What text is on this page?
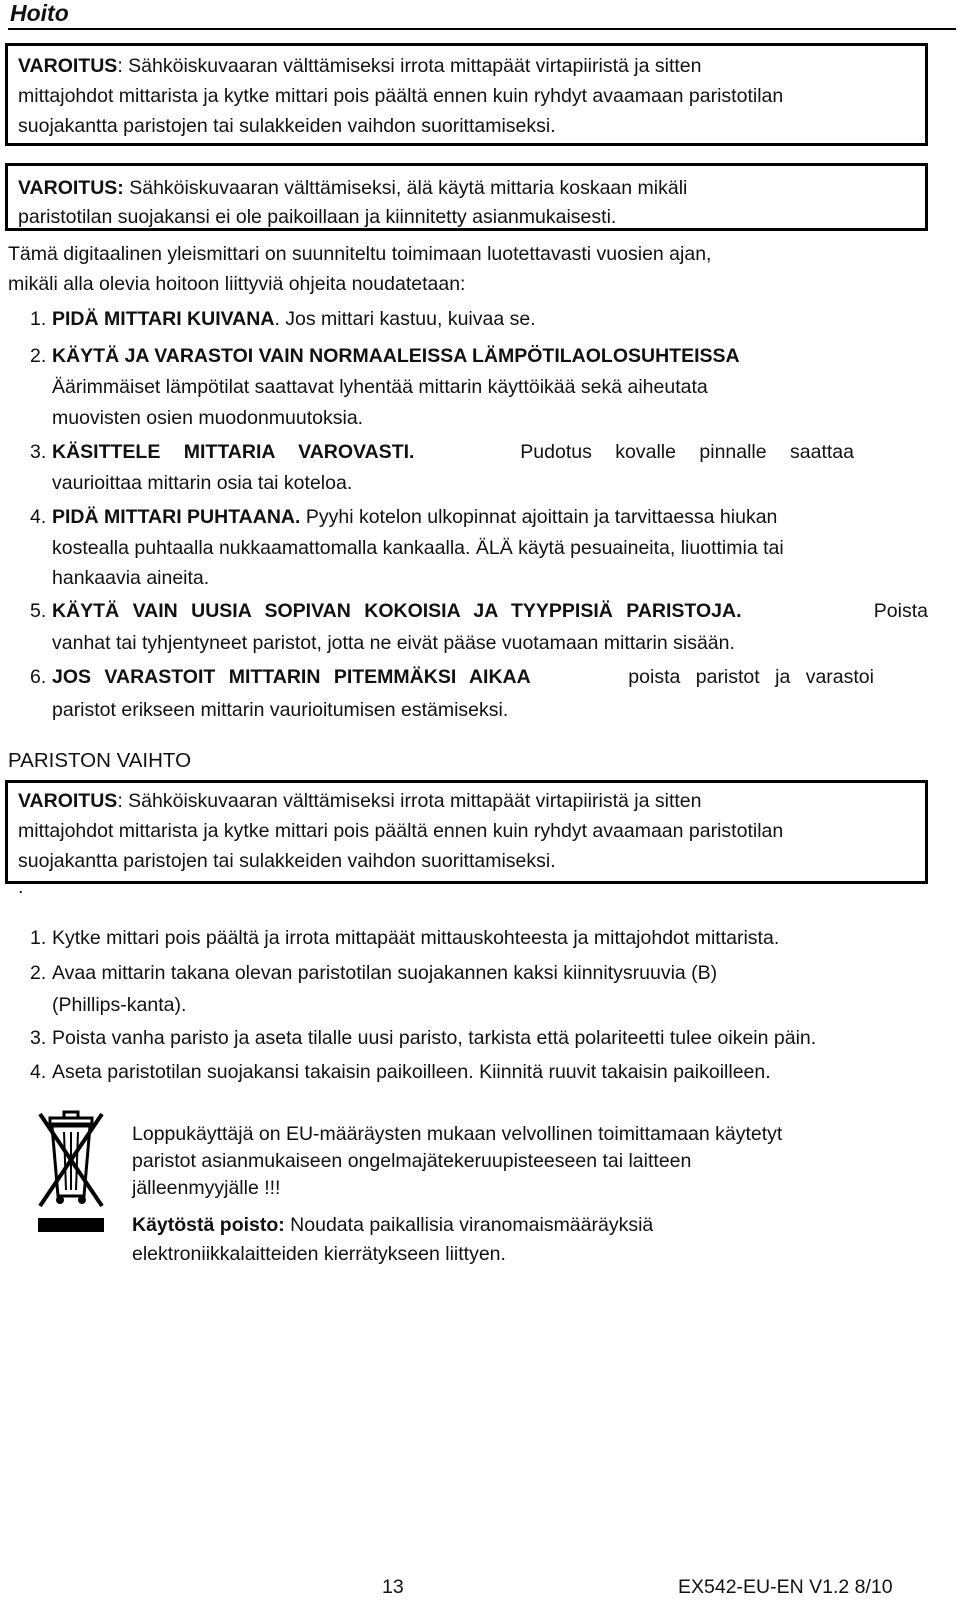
Hoito
VAROITUS: Sähköiskuvaaran välttämiseksi irrota mittapäät virtapiiristä ja sitten
mittajohdot mittarista ja kytke mittari pois päältä ennen kuin ryhdyt avaamaan paristotilan
suojakantta paristojen tai sulakkeiden vaihdon suorittamiseksi.
VAROITUS: Sähköiskuvaaran välttämiseksi, älä käytä mittaria koskaan mikäli
paristotilan suojakansi ei ole paikoillaan ja kiinnitetty asianmukaisesti.
Tämä digitaalinen yleismittari on suunniteltu toimimaan luotettavasti vuosien ajan,
mikäli alla olevia hoitoon liittyviä ohjeita noudatetaan:
1. PIDÄ MITTARI KUIVANA. Jos mittari kastuu, kuivaa se.
2. KÄYTÄ JA VARASTOI VAIN NORMAALEISSA LÄMPÖTILAOLOSUHTEISSA
Äärimmäiset lämpötilat saattavat lyhentää mittarin käyttöikää sekä aiheutata
muovisten osien muodonmuutoksia.
3. KÄSITTELE MITTARIA VAROVASTI.	Pudotus kovalle pinnalle saattaa
vaurioittaa mittarin osia tai koteloa.
4. PIDÄ MITTARI PUHTAANA. Pyyhi kotelon ulkopinnat ajoittain ja tarvittaessa hiukan
kostealla puhtaalla nukkaamattomalla kankaalla. ÄLÄ käytä pesuaineita, liuottimia tai
hankaavia aineita.
5. KÄYTÄ VAIN UUSIA SOPIVAN KOKOISIA JA TYYPPISIÄ PARISTOJA.	Poista
vanhat tai tyhjentyneet paristot, jotta ne eivät pääse vuotamaan mittarin sisään.
6. JOS VARASTOIT MITTARIN PITEMMÄKSI AIKAA	poista paristot ja varastoi
paristot erikseen mittarin vaurioitumisen estämiseksi.
PARISTON VAIHTO
VAROITUS: Sähköiskuvaaran välttämiseksi irrota mittapäät virtapiiristä ja sitten
mittajohdot mittarista ja kytke mittari pois päältä ennen kuin ryhdyt avaamaan paristotilan
suojakantta paristojen tai sulakkeiden vaihdon suorittamiseksi.
.
1. Kytke mittari pois päältä ja irrota mittapäät mittauskohteesta ja mittajohdot mittarista.
2. Avaa mittarin takana olevan paristotilan suojakannen kaksi kiinnitysruuvia (B)
(Phillips-kanta).
3. Poista vanha paristo ja aseta tilalle uusi paristo, tarkista että polariteetti tulee oikein päin.
4. Aseta paristotilan suojakansi takaisin paikoilleen. Kiinnitä ruuvit takaisin paikoilleen.
Loppukäyttäjä on EU-määräysten mukaan velvollinen toimittamaan käytetyt
paristot asianmukaiseen ongelmajätekeruupisteeseen tai laitteen
jälleenmyyjälle !!!
Käytöstä poisto: Noudata paikallisia viranomaismääräyksiä
elektroniikkalaitteiden kierrätykseen liittyen.
13	EX542-EU-EN V1.2 8/10
